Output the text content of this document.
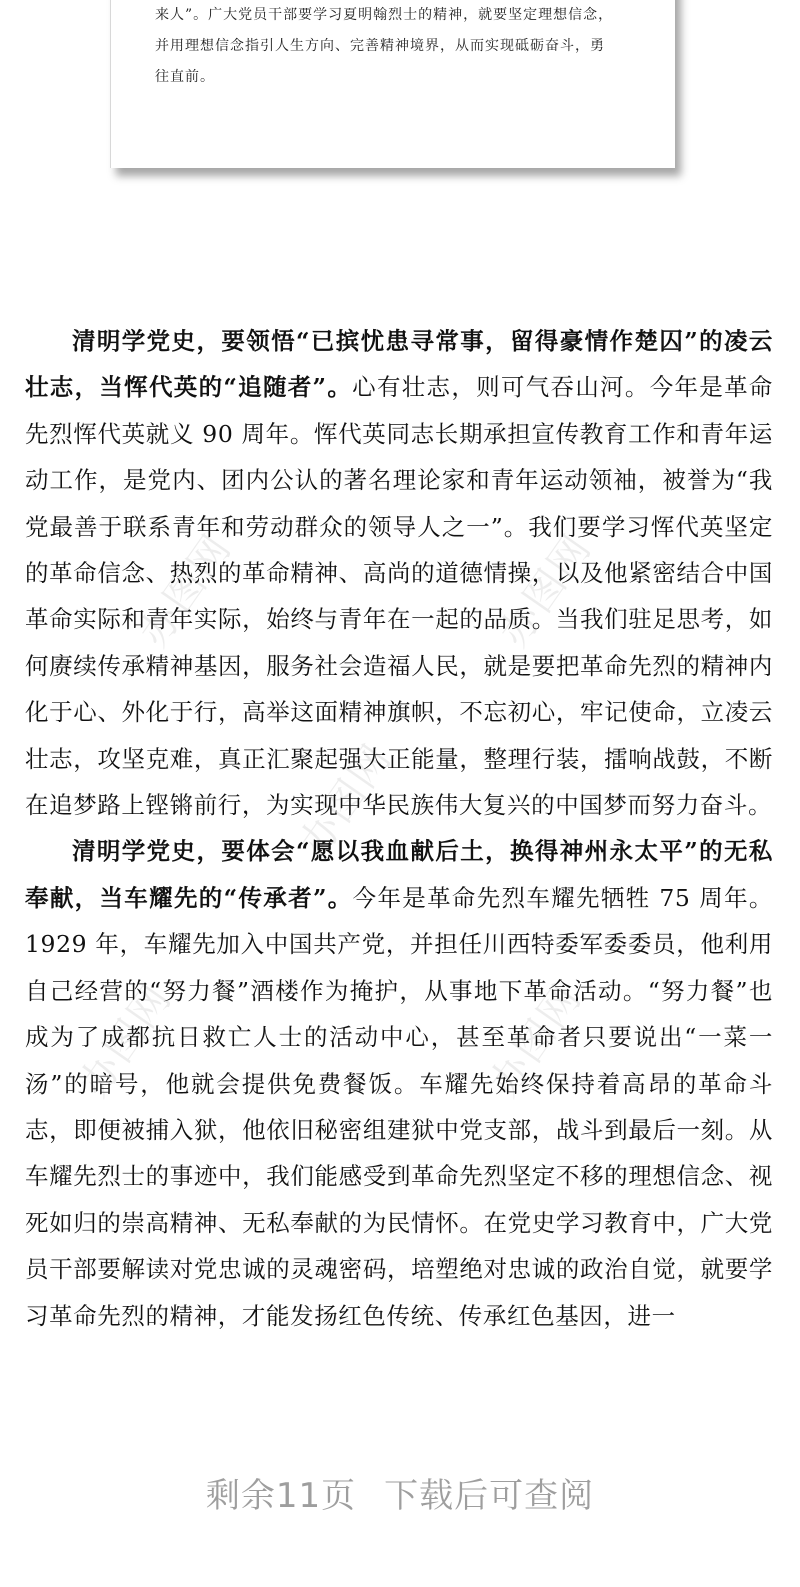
来人”。广大党员干部要学习夏明翰烈士的精神，就要坚定理想信念，

并用理想信念指引人生方向、完善精神境界，从而实现砥砺奋斗，勇

往直前。

办图网	办图网
办图网
办图网	办图网

清明学党史，要领悟“已摈忧患寻常事，留得豪情作楚囚”的凌云壮志，当恽代英的“追随者”。心有壮志，则可气吞山河。今年是革命先烈恽代英就义 90 周年。恽代英同志长期承担宣传教育工作和青年运动工作，是党内、团内公认的著名理论家和青年运动领袖，被誉为“我党最善于联系青年和劳动群众的领导人之一”。我们要学习恽代英坚定的革命信念、热烈的革命精神、高尚的道德情操，以及他紧密结合中国革命实际和青年实际，始终与青年在一起的品质。当我们驻足思考，如何赓续传承精神基因，服务社会造福人民，就是要把革命先烈的精神内化于心、外化于行，高举这面精神旗帜，不忘初心，牢记使命，立凌云壮志，攻坚克难，真正汇聚起强大正能量，整理行装，擂响战鼓，不断在追梦路上铿锵前行，为实现中华民族伟大复兴的中国梦而努力奋斗。

清明学党史，要体会“愿以我血献后土，换得神州永太平”的无私奉献，当车耀先的“传承者”。今年是革命先烈车耀先牺牲 75 周年。1929 年，车耀先加入中国共产党，并担任川西特委军委委员，他利用自己经营的“努力餐”酒楼作为掩护，从事地下革命活动。“努力餐”也成为了成都抗日救亡人士的活动中心，甚至革命者只要说出“一菜一汤”的暗号，他就会提供免费餐饭。车耀先始终保持着高昂的革命斗志，即便被捕入狱，他依旧秘密组建狱中党支部，战斗到最后一刻。从车耀先烈士的事迹中，我们能感受到革命先烈坚定不移的理想信念、视死如归的崇高精神、无私奉献的为民情怀。在党史学习教育中，广大党员干部要解读对党忠诚的灵魂密码，培塑绝对忠诚的政治自觉，就要学习革命先烈的精神，才能发扬红色传统、传承红色基因，进一

剩余11页 下载后可查阅
